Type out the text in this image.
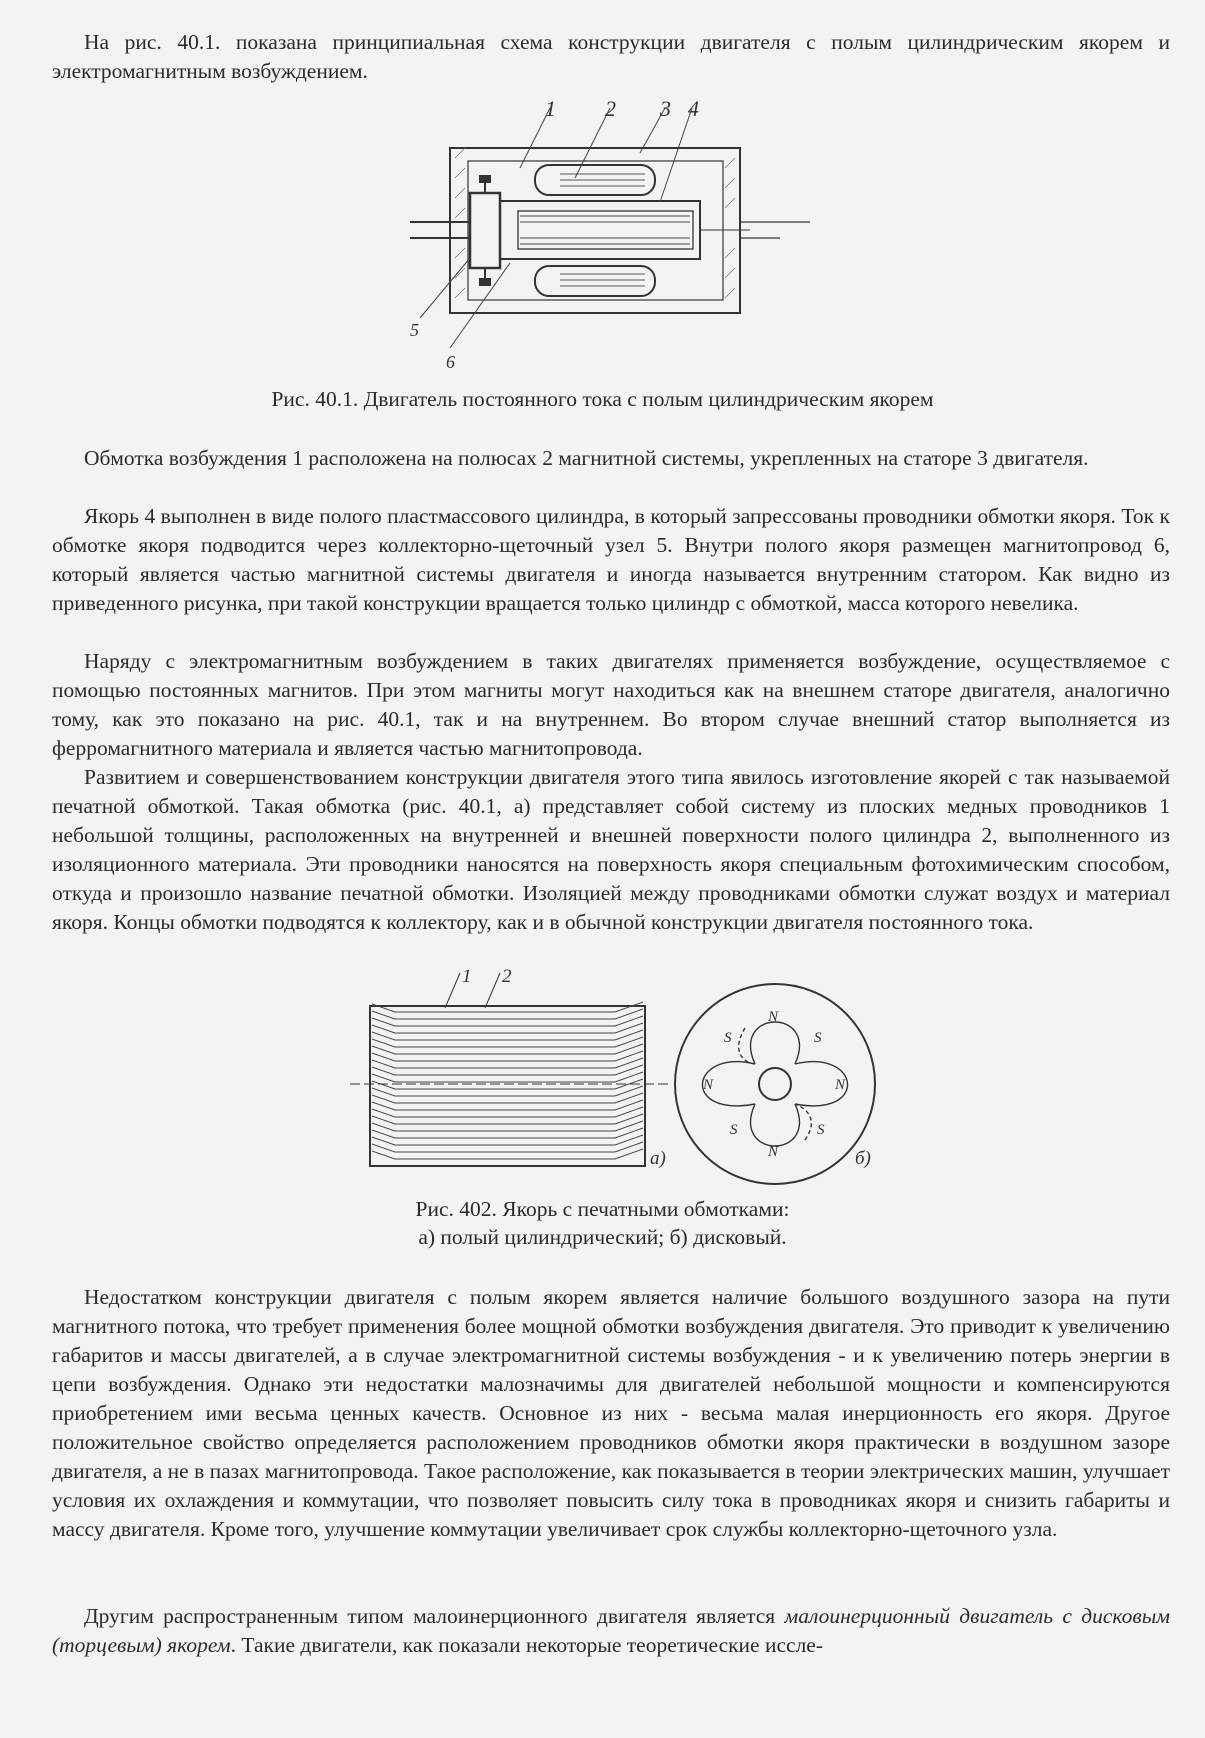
На рис. 40.1. показана принципиальная схема конструкции двигателя с полым цилиндрическим якорем и электромагнитным возбуждением.

1 2 3 4
5
6

Рис. 40.1. Двигатель постоянного тока с полым цилиндрическим якорем

Обмотка возбуждения 1 расположена на полюсах 2 магнитной системы, укрепленных на статоре 3 двигателя.

Якорь 4 выполнен в виде полого пластмассового цилиндра, в который запрессованы проводники обмотки якоря. Ток к обмотке якоря подводится через коллекторно-щеточный узел 5. Внутри полого якоря размещен магнитопровод 6, который является частью магнитной системы двигателя и иногда называется внутренним статором. Как видно из приведенного рисунка, при такой конструкции вращается только цилиндр с обмоткой, масса которого невелика.

Наряду с электромагнитным возбуждением в таких двигателях применяется возбуждение, осуществляемое с помощью постоянных магнитов. При этом магниты могут находиться как на внешнем статоре двигателя, аналогично тому, как это показано на рис. 40.1, так и на внутреннем. Во втором случае внешний статор выполняется из ферромагнитного материала и является частью магнитопровода.

Развитием и совершенствованием конструкции двигателя этого типа явилось изготовление якорей с так называемой печатной обмоткой. Такая обмотка (рис. 40.1, а) представляет собой систему из плоских медных проводников 1 небольшой толщины, расположенных на внутренней и внешней поверхности полого цилиндра 2, выполненного из изоляционного материала. Эти проводники наносятся на поверхность якоря специальным фотохимическим способом, откуда и произошло название печатной обмотки. Изоляцией между проводниками обмотки служат воздух и материал якоря. Концы обмотки подводятся к коллектору, как и в обычной конструкции двигателя постоянного тока.

1 2
а)	б)
N
S	S
N	N
S	S
N

Рис. 402. Якорь с печатными обмотками:

а) полый цилиндрический; б) дисковый.

Недостатком конструкции двигателя с полым якорем является наличие большого воздушного зазора на пути магнитного потока, что требует применения более мощной обмотки возбуждения двигателя. Это приводит к увеличению габаритов и массы двигателей, а в случае электромагнитной системы возбуждения - и к увеличению потерь энергии в цепи возбуждения. Однако эти недостатки малозначимы для двигателей небольшой мощности и компенсируются приобретением ими весьма ценных качеств. Основное из них - весьма малая инерционность его якоря. Другое положительное свойство определяется расположением проводников обмотки якоря практически в воздушном зазоре двигателя, а не в пазах магнитопровода. Такое расположение, как показывается в теории электрических машин, улучшает условия их охлаждения и коммутации, что позволяет повысить силу тока в проводниках якоря и снизить габариты и массу двигателя. Кроме того, улучшение коммутации увеличивает срок службы коллекторно-щеточного узла.

Другим распространенным типом малоинерционного двигателя является малоинерционный двигатель с дисковым (торцевым) якорем. Такие двигатели, как показали некоторые теоретические иссле-
